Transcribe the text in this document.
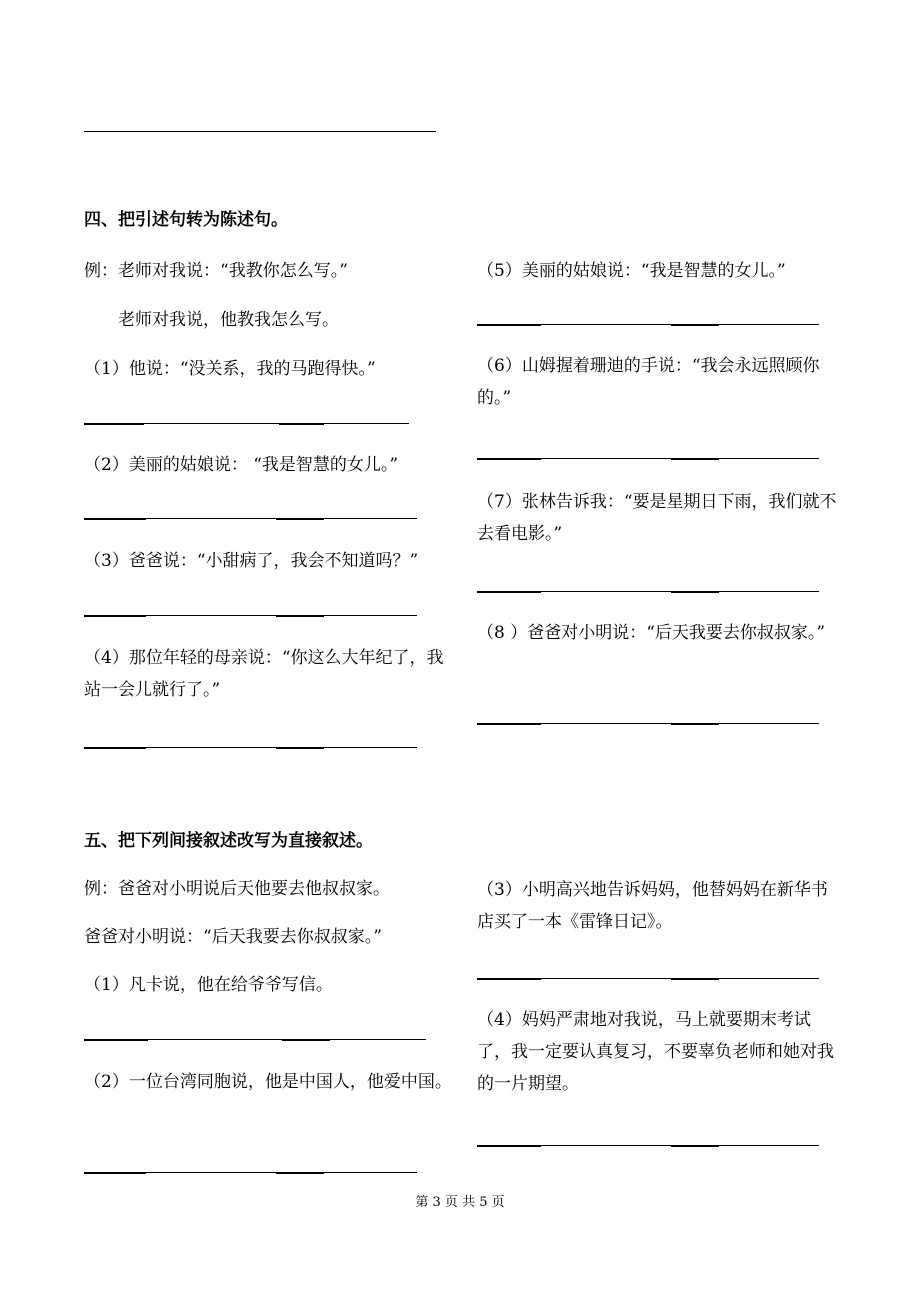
四、把引述句转为陈述句。
例：老师对我说：“我教你怎么写。”
老师对我说，他教我怎么写。
（1）他说：“没关系，我的马跑得快。”
（2）美丽的姑娘说： “我是智慧的女儿。”
（3）爸爸说：“小甜病了，我会不知道吗？”
（4）那位年轻的母亲说：“你这么大年纪了，我站一会儿就行了。”
（5）美丽的姑娘说：“我是智慧的女儿。”
（6）山姆握着珊迪的手说：“我会永远照顾你的。”
（7）张林告诉我：“要是星期日下雨，我们就不去看电影。”
（8 ）爸爸对小明说：“后天我要去你叔叔家。”
五、把下列间接叙述改写为直接叙述。
例：爸爸对小明说后天他要去他叔叔家。
爸爸对小明说：“后天我要去你叔叔家。”
（1）凡卡说，他在给爷爷写信。
（2）一位台湾同胞说，他是中国人，他爱中国。
（3）小明高兴地告诉妈妈，他替妈妈在新华书店买了一本《雷锋日记》。
（4）妈妈严肃地对我说，马上就要期末考试了，我一定要认真复习，不要辜负老师和她对我的一片期望。
第 3 页 共 5 页
